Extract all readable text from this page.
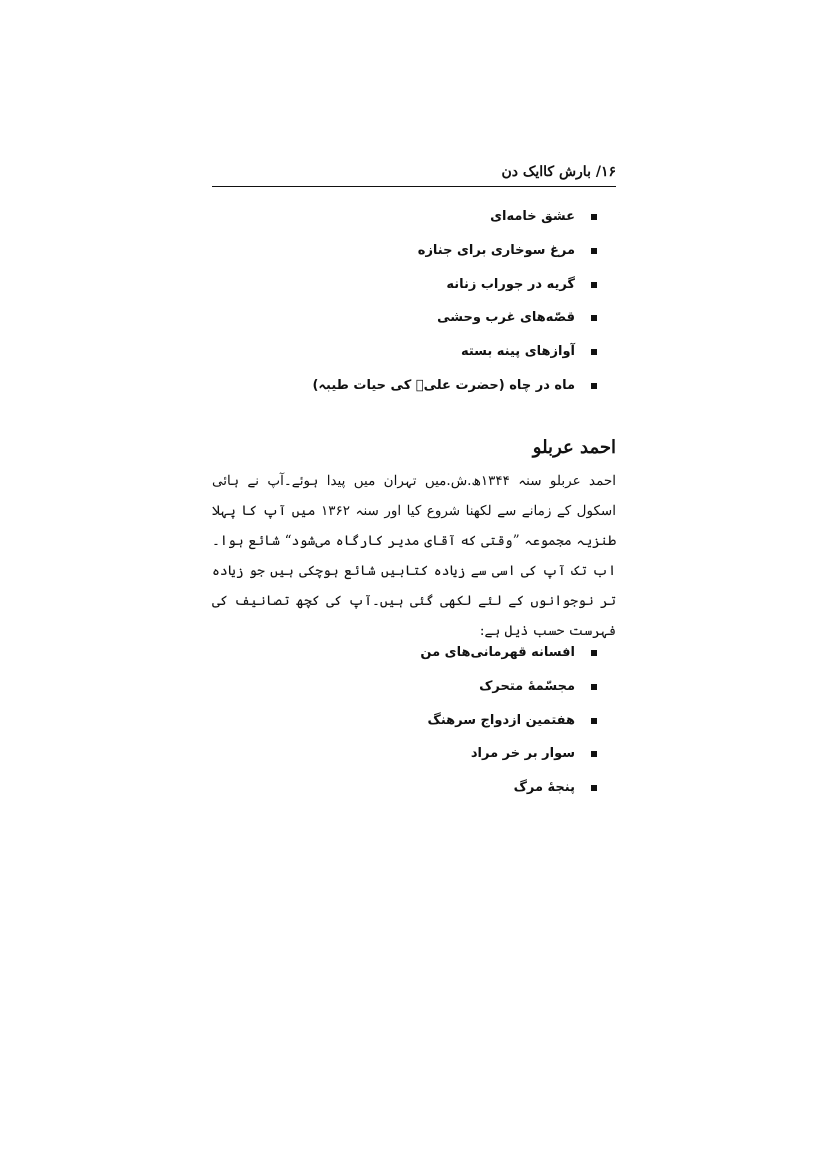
۱۶/ بارش کاایک دن
عشق خامه‌ای
مرغ سوخاری برای جنازه
گریه در جوراب زنانه
قصّه‌های غرب وحشی
آوازهای پینه بسته
ماه در چاه (حضرت علیؑ کی حیات طیبہ)
احمد عربلو

احمد عربلو سنہ ۱۳۴۴ھ.ش.میں تہران میں پیدا ہوئے۔آپ نے ہائی اسکول کے زمانے سے لکھنا شروع کیا اور سنہ ۱۳۶۲ میں آپ کا پہلا طنزیہ مجموعہ ”وقتی که آقای مدیر کارگاه می‌شود“ شائع ہوا۔اب تک آپ کی اسی سے زیادہ کتابیں شائع ہوچکی ہیں جو زیادہ تر نوجوانوں کے لئے لکھی گئی ہیں۔آپ کی کچھ تصانیف کی فہرست حسب ذیل ہے:

افسانه قهرمانی‌های من
مجسّمهٔ متحرک
هفتمین ازدواج سرهنگ
سوار بر خر مراد
پنجهٔ مرگ
